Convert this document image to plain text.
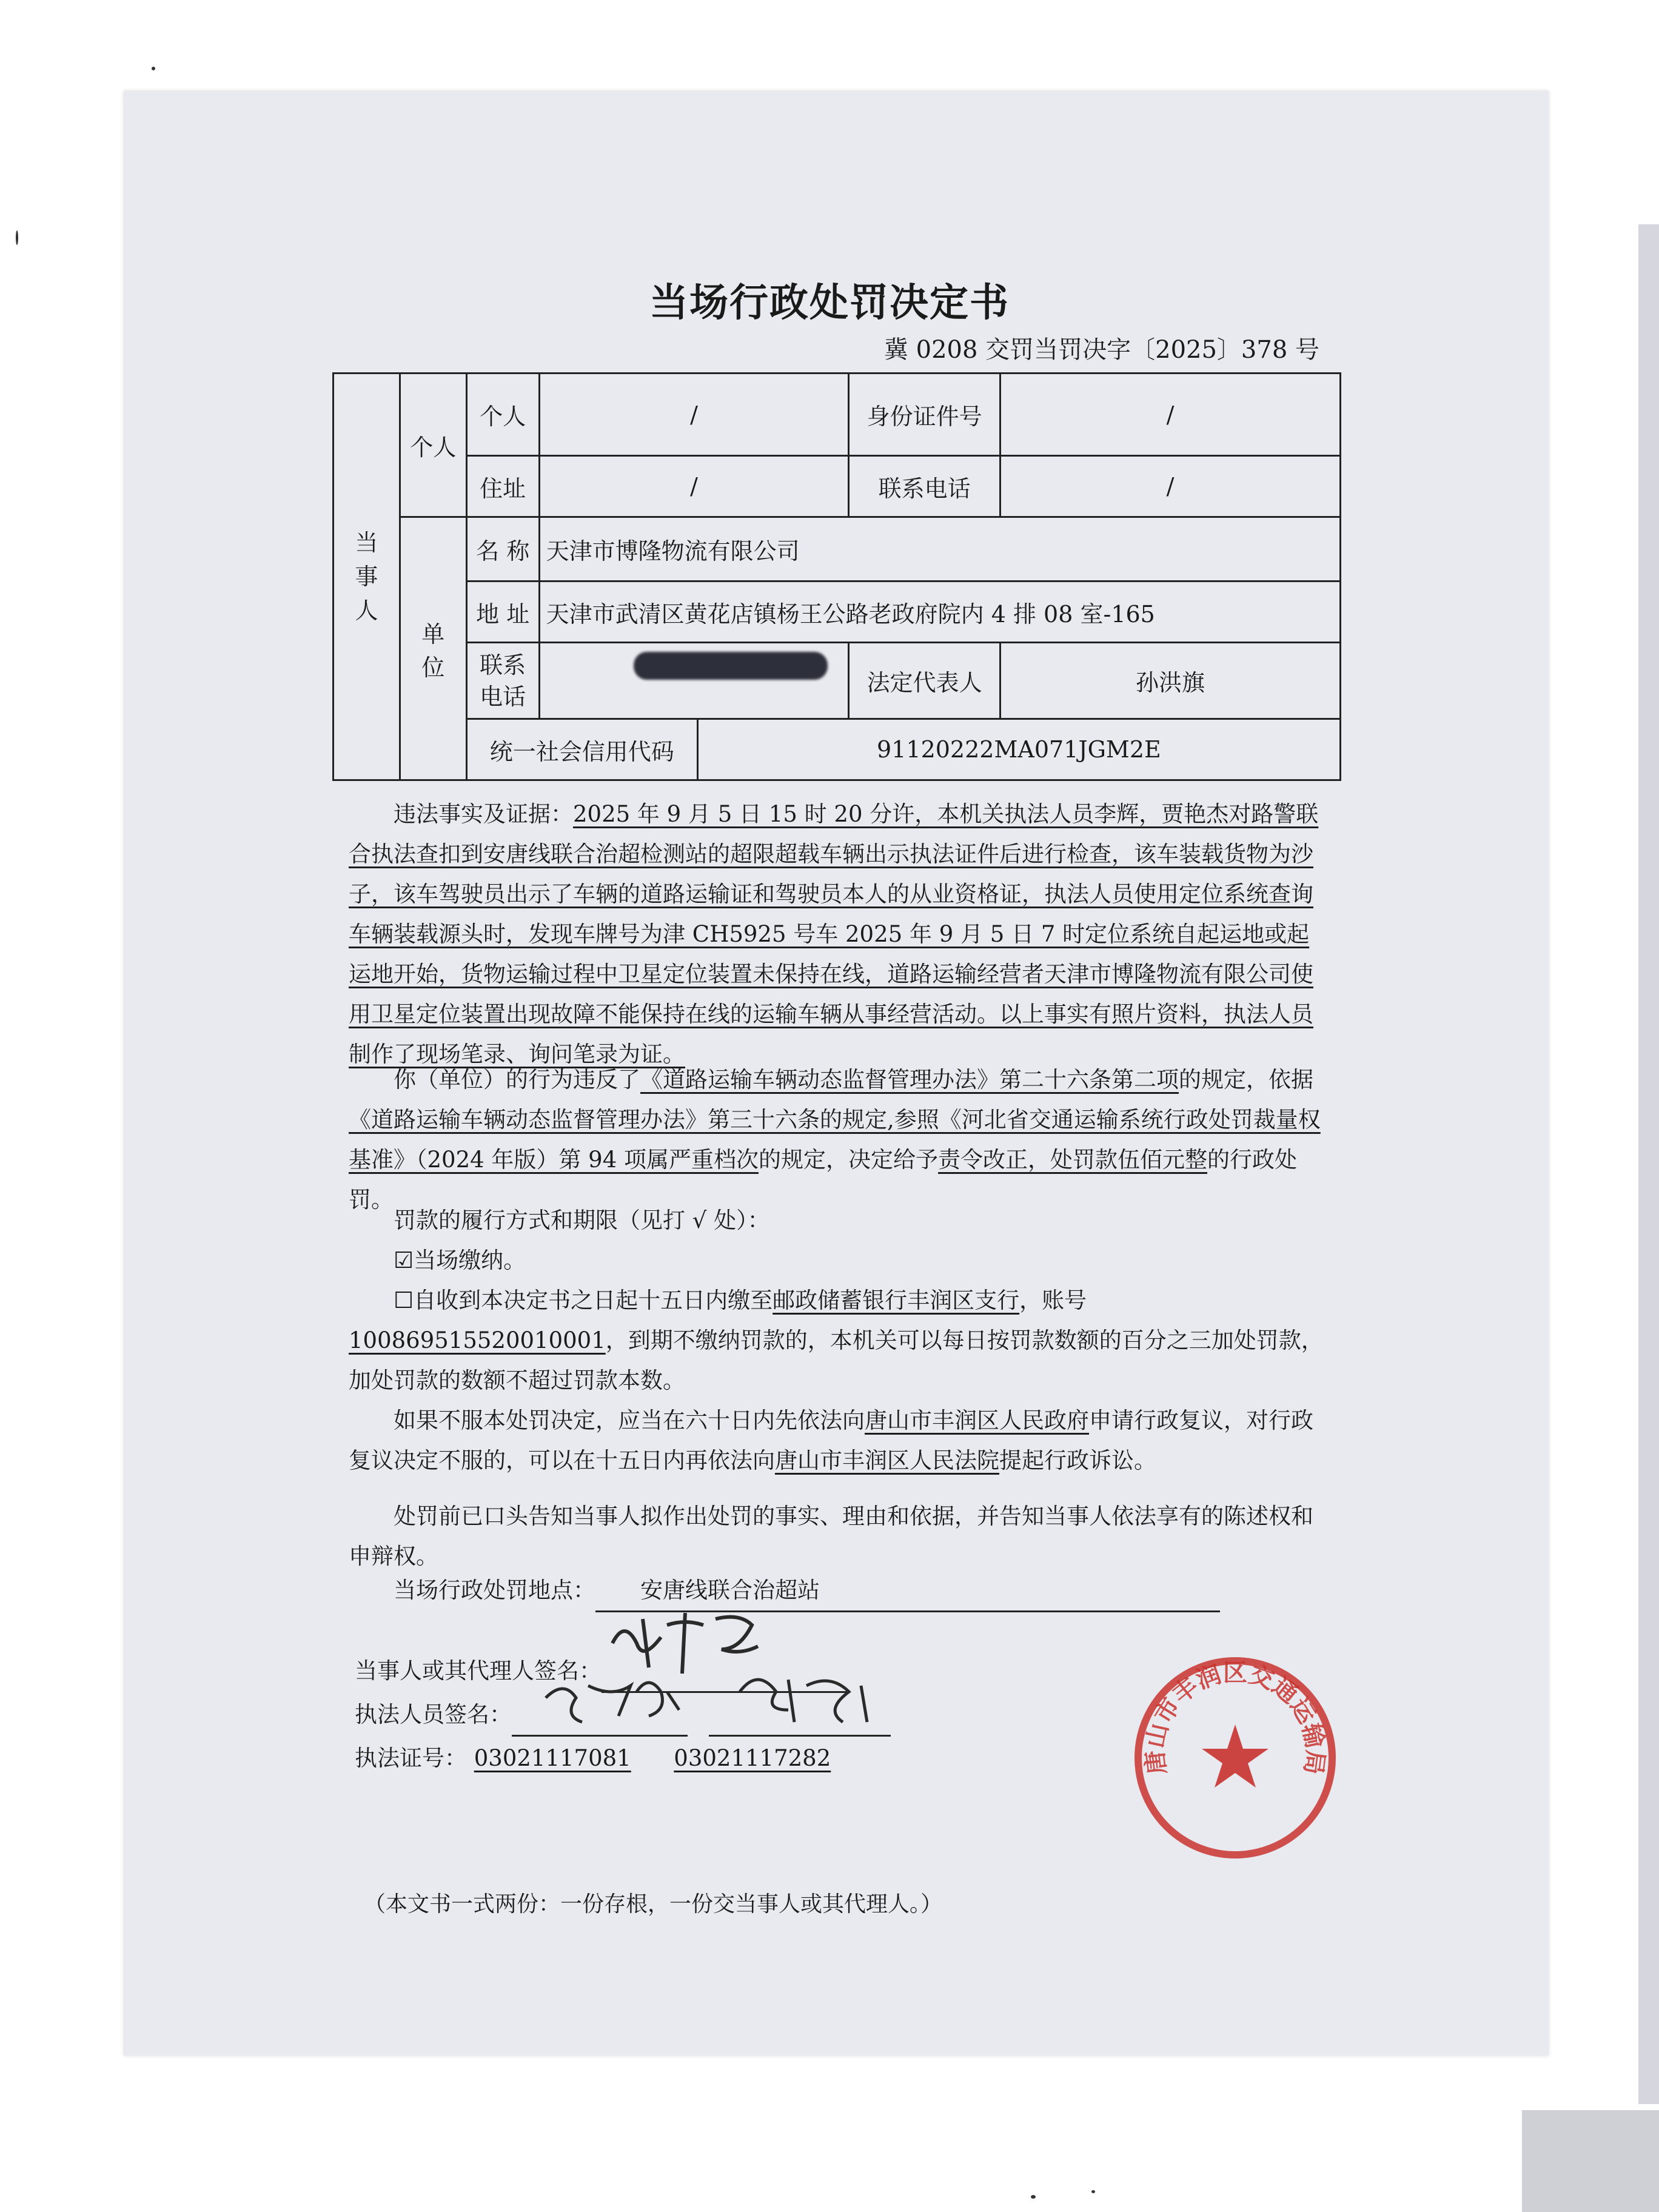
当场行政处罚决定书
冀 0208 交罚当罚决字〔2025〕378 号
当事人	个人	个人	/		身份证件号	/
		住址	/		联系电话	/
	单 位	名 称	天津市博隆物流有限公司			
		地 址	天津市武清区黄花店镇杨王公路老政府院内 4 排 08 室-165			

		联系电话			法定代表人	孙洪旗
		统一社会信用代码		91120222MA071JGM2E		

违法事实及证据：2025 年 9 月 5 日 15 时 20 分许，本机关执法人员李辉，贾艳杰对路警联合执法查扣到安唐线联合治超检测站的超限超载车辆出示执法证件后进行检查，该车装载货物为沙子，该车驾驶员出示了车辆的道路运输证和驾驶员本人的从业资格证，执法人员使用定位系统查询车辆装载源头时，发现车牌号为津 CH5925 号车 2025 年 9 月 5 日 7 时定位系统自起运地或起运地开始，货物运输过程中卫星定位装置未保持在线，道路运输经营者天津市博隆物流有限公司使用卫星定位装置出现故障不能保持在线的运输车辆从事经营活动。以上事实有照片资料，执法人员制作了现场笔录、询问笔录为证。

你（单位）的行为违反了《道路运输车辆动态监督管理办法》第二十六条第二项的规定，依据《道路运输车辆动态监督管理办法》第三十六条的规定,参照《河北省交通运输系统行政处罚裁量权基准》（2024 年版）第 94 项属严重档次的规定，决定给予责令改正，处罚款伍佰元整的行政处罚。

罚款的履行方式和期限（见打 √ 处）：

☑当场缴纳。

☐自收到本决定书之日起十五日内缴至邮政储蓄银行丰润区支行，账号100869515520010001，到期不缴纳罚款的，本机关可以每日按罚款数额的百分之三加处罚款，加处罚款的数额不超过罚款本数。

如果不服本处罚决定，应当在六十日内先依法向唐山市丰润区人民政府申请行政复议，对行政复议决定不服的，可以在十五日内再依法向唐山市丰润区人民法院提起行政诉讼。

处罚前已口头告知当事人拟作出处罚的事实、理由和依据，并告知当事人依法享有的陈述权和申辩权。

当场行政处罚地点： 安唐线联合治超站

当事人或其代理人签名：

执法人员签名：

执法证号： 03021117081 03021117282	唐山市丰润区交通运输局
（本文书一式两份：一份存根，一份交当事人或其代理人。）
